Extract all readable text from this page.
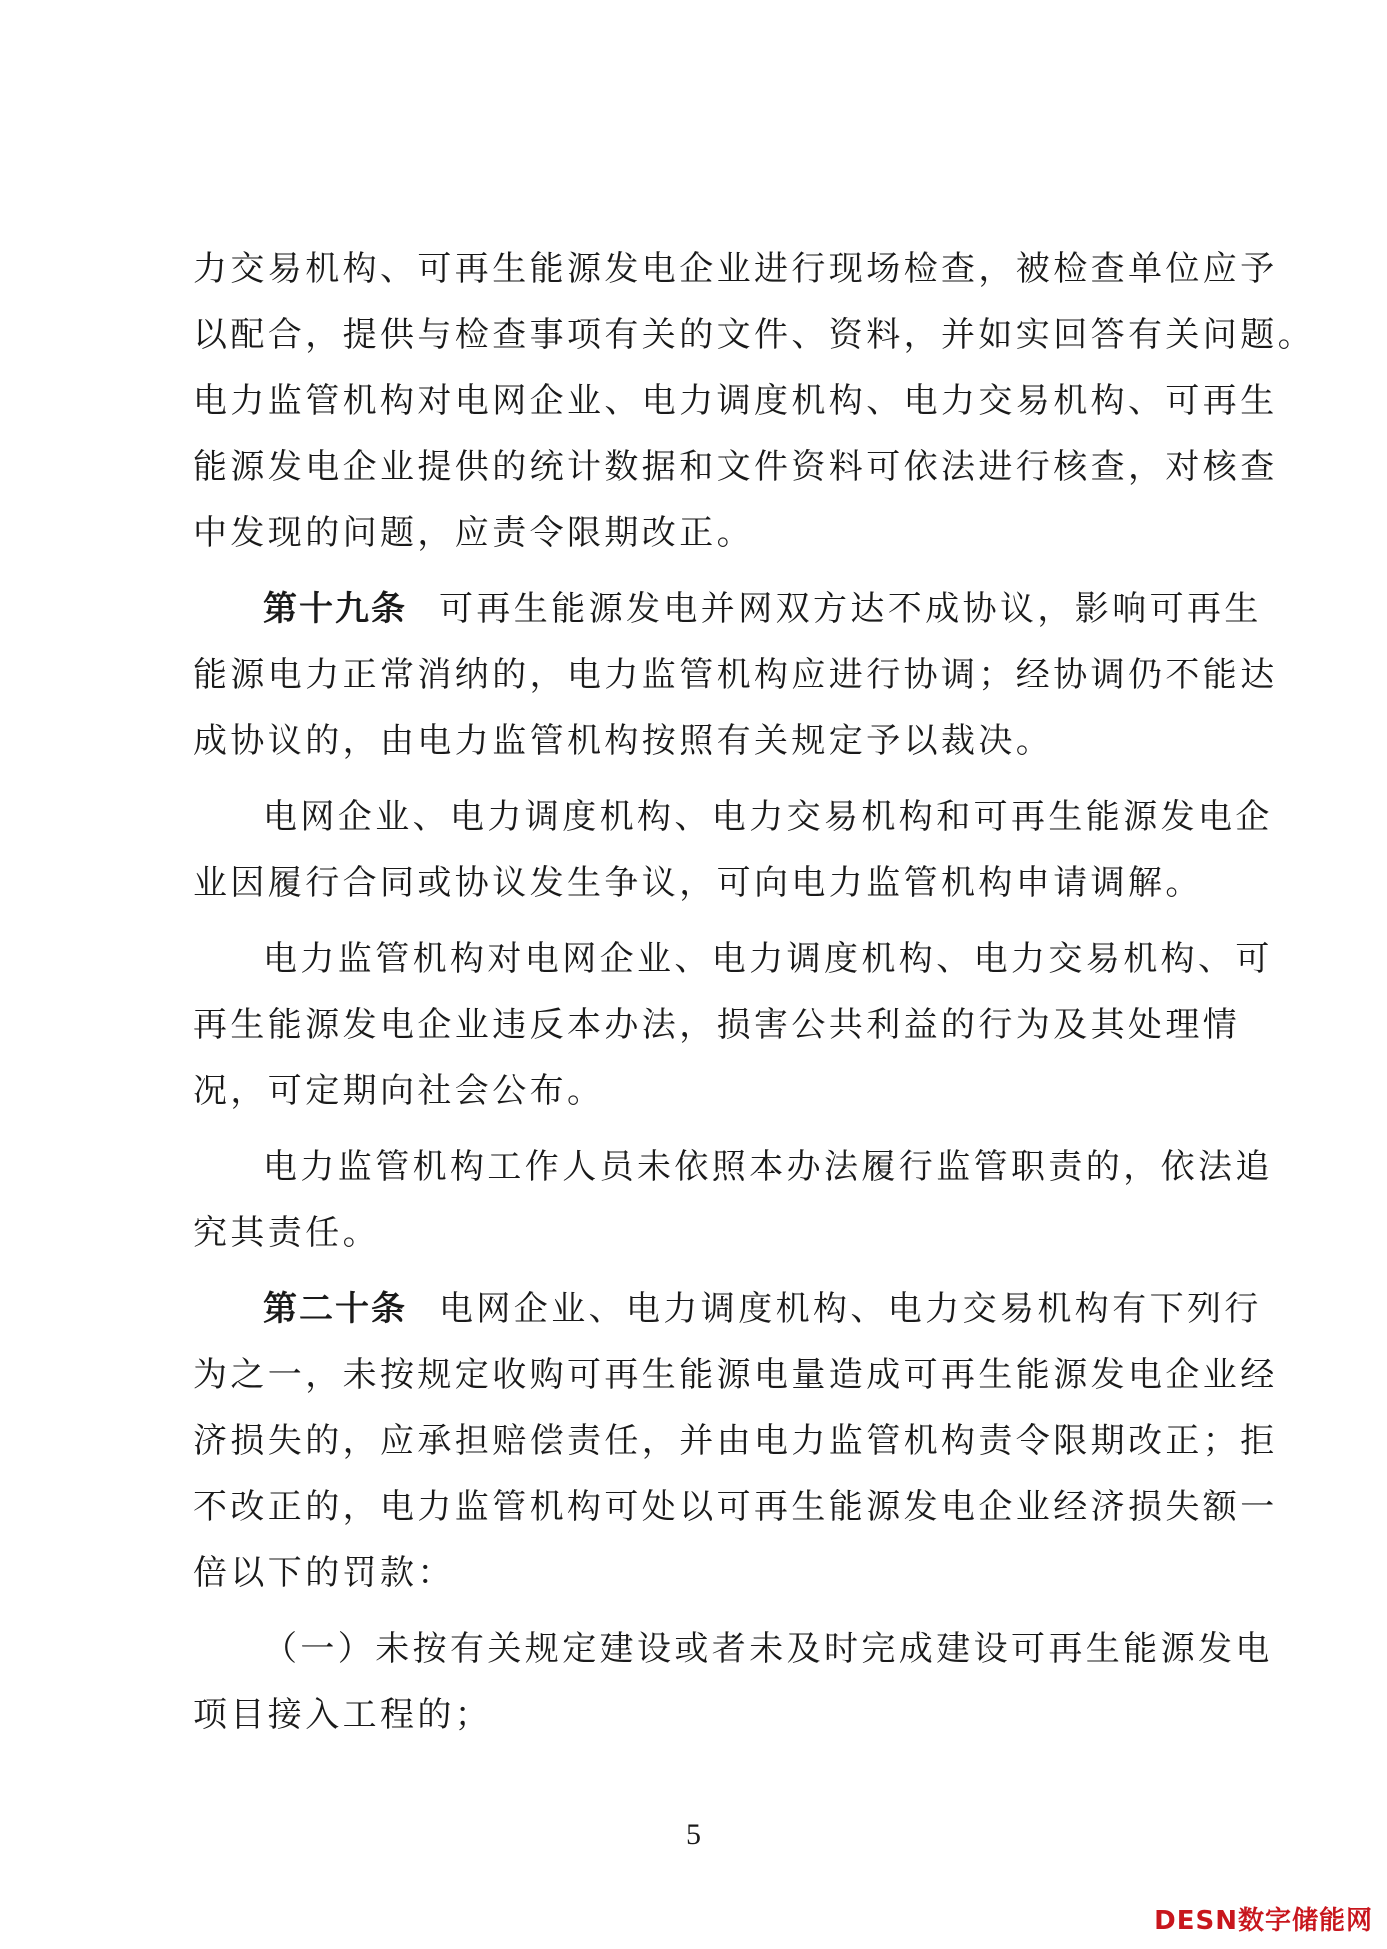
力交易机构、可再生能源发电企业进行现场检查，被检查单位应予
以配合，提供与检查事项有关的文件、资料，并如实回答有关问题。
电力监管机构对电网企业、电力调度机构、电力交易机构、可再生
能源发电企业提供的统计数据和文件资料可依法进行核查，对核查
中发现的问题，应责令限期改正。
第十九条 可再生能源发电并网双方达不成协议，影响可再生
能源电力正常消纳的，电力监管机构应进行协调；经协调仍不能达
成协议的，由电力监管机构按照有关规定予以裁决。
电网企业、电力调度机构、电力交易机构和可再生能源发电企
业因履行合同或协议发生争议，可向电力监管机构申请调解。
电力监管机构对电网企业、电力调度机构、电力交易机构、可
再生能源发电企业违反本办法，损害公共利益的行为及其处理情
况，可定期向社会公布。
电力监管机构工作人员未依照本办法履行监管职责的，依法追
究其责任。
第二十条 电网企业、电力调度机构、电力交易机构有下列行
为之一，未按规定收购可再生能源电量造成可再生能源发电企业经
济损失的，应承担赔偿责任，并由电力监管机构责令限期改正；拒
不改正的，电力监管机构可处以可再生能源发电企业经济损失额一
倍以下的罚款：
（一）未按有关规定建设或者未及时完成建设可再生能源发电
项目接入工程的；
5
DESN数字储能网
